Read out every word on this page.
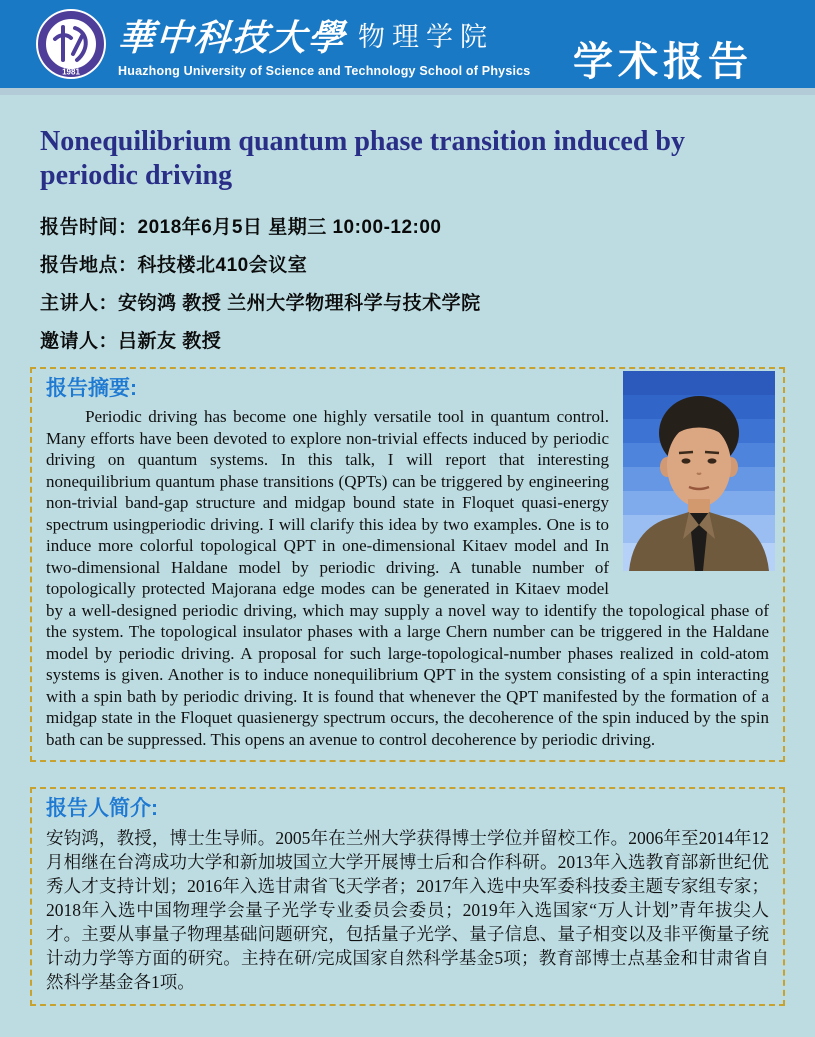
1981
華中科技大學 物理学院
Huazhong University of Science and Technology School of Physics 学术报告
Nonequilibrium quantum phase transition induced by periodic driving
报告时间：2018年6月5日 星期三 10:00-12:00
报告地点：科技楼北410会议室
主讲人：安钧鸿 教授 兰州大学物理科学与技术学院
邀请人：吕新友 教授
报告摘要:

Periodic driving has become one highly versatile tool in quantum control. Many efforts have been devoted to explore non-trivial effects induced by periodic driving on quantum systems. In this talk, I will report that interesting nonequilibrium quantum phase transitions (QPTs) can be triggered by engineering non-trivial band-gap structure and midgap bound state in Floquet quasi-energy spectrum usingperiodic driving. I will clarify this idea by two examples. One is to induce more colorful topological QPT in one-dimensional Kitaev model and In two-dimensional Haldane model by periodic driving. A tunable number of topologically protected Majorana edge modes can be generated in Kitaev model by a well-designed periodic driving, which may supply a novel way to identify the topological phase of the system. The topological insulator phases with a large Chern number can be triggered in the Haldane model by periodic driving. A proposal for such large-topological-number phases realized in cold-atom systems is given. Another is to induce nonequilibrium QPT in the system consisting of a spin interacting with a spin bath by periodic driving. It is found that whenever the QPT manifested by the formation of a midgap state in the Floquet quasienergy spectrum occurs, the decoherence of the spin induced by the spin bath can be suppressed. This opens an avenue to control decoherence by periodic driving.

报告人简介:

安钧鸿，教授，博士生导师。2005年在兰州大学获得博士学位并留校工作。2006年至2014年12月相继在台湾成功大学和新加坡国立大学开展博士后和合作科研。2013年入选教育部新世纪优秀人才支持计划；2016年入选甘肃省飞天学者；2017年入选中央军委科技委主题专家组专家；2018年入选中国物理学会量子光学专业委员会委员；2019年入选国家“万人计划”青年拔尖人才。主要从事量子物理基础问题研究，包括量子光学、量子信息、量子相变以及非平衡量子统计动力学等方面的研究。主持在研/完成国家自然科学基金5项；教育部博士点基金和甘肃省自然科学基金各1项。
